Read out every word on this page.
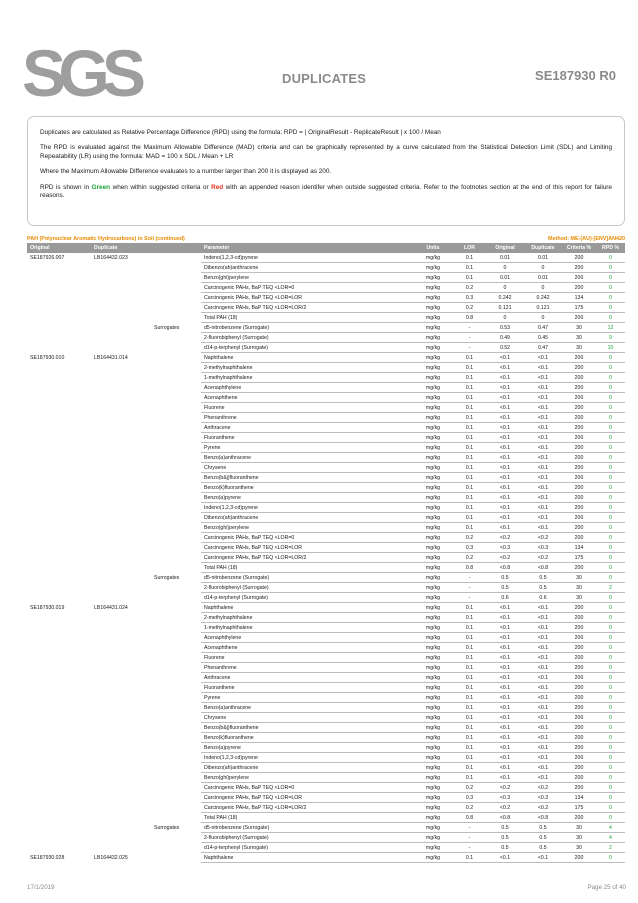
SGS	DUPLICATES	SE187930 R0

Duplicates are calculated as Relative Percentage Difference (RPD) using the formula: RPD = | OriginalResult - ReplicateResult | x 100 / Mean

The RPD is evaluated against the Maximum Allowable Difference (MAD) criteria and can be graphically represented by a curve calculated from the Statistical Detection Limit (SDL) and Limiting Repeatability (LR) using the formula: MAD = 100 x SDL / Mean + LR

Where the Maximum Allowable Difference evaluates to a number larger than 200 it is displayed as 200.

RPD is shown in Green when within suggested criteria or Red with an appended reason identifer when outside suggested criteria. Refer to the footnotes section at the end of this report for failure reasons.

PAH (Polynuclear Aromatic Hydrocarbons) in Soil (continued)	Method: ME-(AU)-[ENV]AN420
Original	Duplicate		Parameter	Units	LOR	Original	Duplicate	Criteria %	RPD %
SE187926.007	LB164432.023		Indeno(1,2,3-cd)pyrene	mg/kg	0.1	0.01	0.01	200	0
			Dibenzo(ah)anthracene	mg/kg	0.1	0	0	200	0
			Benzo(ghi)perylene	mg/kg	0.1	0.01	0.01	200	0
			Carcinogenic PAHs, BaP TEQ <LOR=0	mg/kg	0.2	0	0	200	0
			Carcinogenic PAHs, BaP TEQ <LOR=LOR	mg/kg	0.3	0.242	0.242	134	0
			Carcinogenic PAHs, BaP TEQ <LOR=LOR/2	mg/kg	0.2	0.121	0.121	175	0
			Total PAH (18)	mg/kg	0.8	0	0	200	0
		Surrogates	d5-nitrobenzene (Surrogate)	mg/kg	-	0.53	0.47	30	12
			2-fluorobiphenyl (Surrogate)	mg/kg	-	0.49	0.45	30	9
			d14-p-terphenyl (Surrogate)	mg/kg	-	0.52	0.47	30	10
SE187930.010	LB164431.014		Naphthalene	mg/kg	0.1	<0.1	<0.1	200	0
			2-methylnaphthalene	mg/kg	0.1	<0.1	<0.1	200	0
			1-methylnaphthalene	mg/kg	0.1	<0.1	<0.1	200	0
			Acenaphthylene	mg/kg	0.1	<0.1	<0.1	200	0
			Acenaphthene	mg/kg	0.1	<0.1	<0.1	200	0
			Fluorene	mg/kg	0.1	<0.1	<0.1	200	0
			Phenanthrene	mg/kg	0.1	<0.1	<0.1	200	0
			Anthracene	mg/kg	0.1	<0.1	<0.1	200	0
			Fluoranthene	mg/kg	0.1	<0.1	<0.1	200	0
			Pyrene	mg/kg	0.1	<0.1	<0.1	200	0
			Benzo(a)anthracene	mg/kg	0.1	<0.1	<0.1	200	0
			Chrysene	mg/kg	0.1	<0.1	<0.1	200	0
			Benzo(b&j)fluoranthene	mg/kg	0.1	<0.1	<0.1	200	0
			Benzo(k)fluoranthene	mg/kg	0.1	<0.1	<0.1	200	0
			Benzo(a)pyrene	mg/kg	0.1	<0.1	<0.1	200	0
			Indeno(1,2,3-cd)pyrene	mg/kg	0.1	<0.1	<0.1	200	0
			Dibenzo(ah)anthracene	mg/kg	0.1	<0.1	<0.1	200	0
			Benzo(ghi)perylene	mg/kg	0.1	<0.1	<0.1	200	0
			Carcinogenic PAHs, BaP TEQ <LOR=0	mg/kg	0.2	<0.2	<0.2	200	0
			Carcinogenic PAHs, BaP TEQ <LOR=LOR	mg/kg	0.3	<0.3	<0.3	134	0
			Carcinogenic PAHs, BaP TEQ <LOR=LOR/2	mg/kg	0.2	<0.2	<0.2	175	0
			Total PAH (18)	mg/kg	0.8	<0.8	<0.8	200	0
		Surrogates	d5-nitrobenzene (Surrogate)	mg/kg	-	0.5	0.5	30	0
			2-fluorobiphenyl (Surrogate)	mg/kg	-	0.5	0.5	30	2
			d14-p-terphenyl (Surrogate)	mg/kg	-	0.6	0.6	30	0
SE187930.019	LB164431.024		Naphthalene	mg/kg	0.1	<0.1	<0.1	200	0
			2-methylnaphthalene	mg/kg	0.1	<0.1	<0.1	200	0
			1-methylnaphthalene	mg/kg	0.1	<0.1	<0.1	200	0
			Acenaphthylene	mg/kg	0.1	<0.1	<0.1	200	0
			Acenaphthene	mg/kg	0.1	<0.1	<0.1	200	0
			Fluorene	mg/kg	0.1	<0.1	<0.1	200	0
			Phenanthrene	mg/kg	0.1	<0.1	<0.1	200	0
			Anthracene	mg/kg	0.1	<0.1	<0.1	200	0
			Fluoranthene	mg/kg	0.1	<0.1	<0.1	200	0
			Pyrene	mg/kg	0.1	<0.1	<0.1	200	0
			Benzo(a)anthracene	mg/kg	0.1	<0.1	<0.1	200	0
			Chrysene	mg/kg	0.1	<0.1	<0.1	200	0
			Benzo(b&j)fluoranthene	mg/kg	0.1	<0.1	<0.1	200	0
			Benzo(k)fluoranthene	mg/kg	0.1	<0.1	<0.1	200	0
			Benzo(a)pyrene	mg/kg	0.1	<0.1	<0.1	200	0
			Indeno(1,2,3-cd)pyrene	mg/kg	0.1	<0.1	<0.1	200	0
			Dibenzo(ah)anthracene	mg/kg	0.1	<0.1	<0.1	200	0
			Benzo(ghi)perylene	mg/kg	0.1	<0.1	<0.1	200	0
			Carcinogenic PAHs, BaP TEQ <LOR=0	mg/kg	0.2	<0.2	<0.2	200	0
			Carcinogenic PAHs, BaP TEQ <LOR=LOR	mg/kg	0.3	<0.3	<0.3	134	0
			Carcinogenic PAHs, BaP TEQ <LOR=LOR/2	mg/kg	0.2	<0.2	<0.2	175	0
			Total PAH (18)	mg/kg	0.8	<0.8	<0.8	200	0
		Surrogates	d5-nitrobenzene (Surrogate)	mg/kg	-	0.5	0.5	30	4
			2-fluorobiphenyl (Surrogate)	mg/kg	-	0.5	0.5	30	4
			d14-p-terphenyl (Surrogate)	mg/kg	-	0.5	0.5	30	2
SE187930.028	LB164432.025		Naphthalene	mg/kg	0.1	<0.1	<0.1	200	0
17/1/2019	Page 25 of 40
